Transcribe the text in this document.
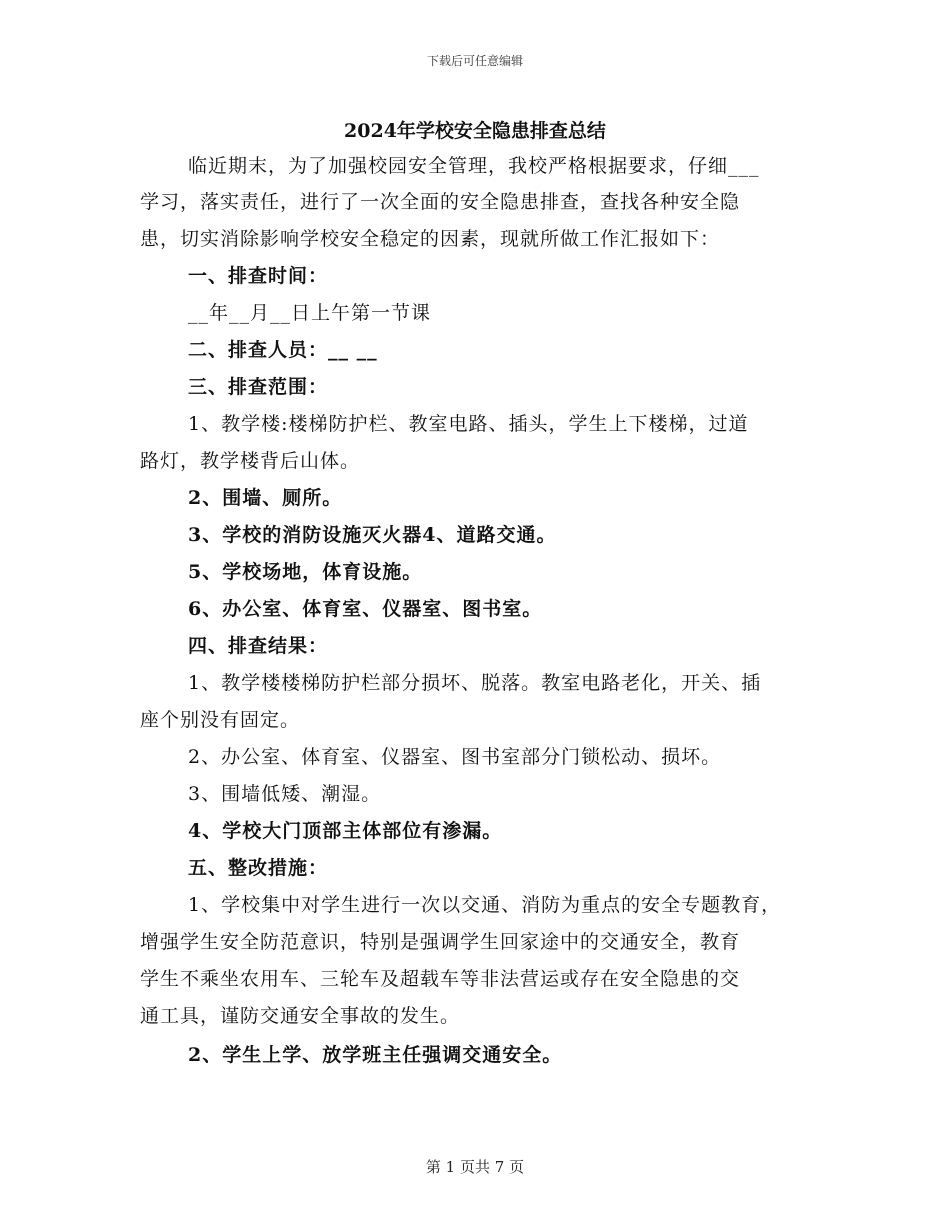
下载后可任意编辑
2024年学校安全隐患排查总结
临近期末，为了加强校园安全管理，我校严格根据要求，仔细___
学习，落实责任，进行了一次全面的安全隐患排查，查找各种安全隐
患，切实消除影响学校安全稳定的因素，现就所做工作汇报如下：
一、排查时间：
__年__月__日上午第一节课
二、排查人员：__ __
三、排查范围：
1、教学楼:楼梯防护栏、教室电路、插头，学生上下楼梯，过道
路灯，教学楼背后山体。
2、围墙、厕所。
3、学校的消防设施灭火器4、道路交通。
5、学校场地，体育设施。
6、办公室、体育室、仪器室、图书室。
四、排查结果：
1、教学楼楼梯防护栏部分损坏、脱落。教室电路老化，开关、插
座个别没有固定。
2、办公室、体育室、仪器室、图书室部分门锁松动、损坏。
3、围墙低矮、潮湿。
4、学校大门顶部主体部位有渗漏。
五、整改措施：
1、学校集中对学生进行一次以交通、消防为重点的安全专题教育，
增强学生安全防范意识，特别是强调学生回家途中的交通安全，教育
学生不乘坐农用车、三轮车及超载车等非法营运或存在安全隐患的交
通工具，谨防交通安全事故的发生。
2、学生上学、放学班主任强调交通安全。
第 1 页共 7 页
